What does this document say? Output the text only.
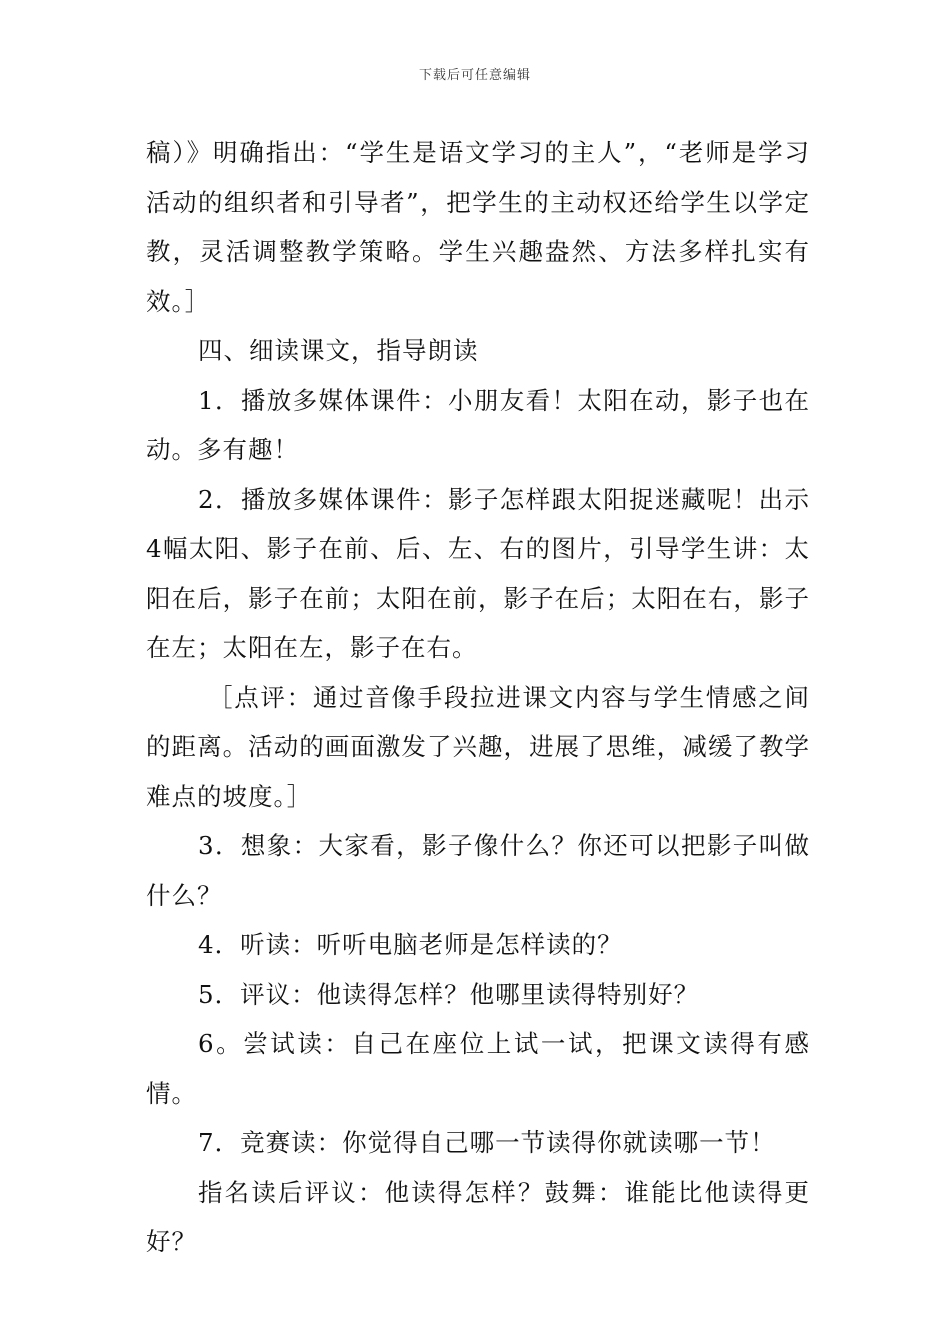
下载后可任意编辑

稿）》明确指出：“学生是语文学习的主人”，“老师是学习活动的组织者和引导者”，把学生的主动权还给学生以学定教，灵活调整教学策略。学生兴趣盎然、方法多样扎实有效。］

四、细读课文，指导朗读

1．播放多媒体课件：小朋友看！太阳在动，影子也在动。多有趣！

2．播放多媒体课件：影子怎样跟太阳捉迷藏呢！出示4幅太阳、影子在前、后、左、右的图片，引导学生讲：太阳在后，影子在前；太阳在前，影子在后；太阳在右，影子在左；太阳在左，影子在右。

［点评：通过音像手段拉进课文内容与学生情感之间的距离。活动的画面激发了兴趣，进展了思维，减缓了教学难点的坡度。］

3．想象：大家看，影子像什么？你还可以把影子叫做什么？

4．听读：听听电脑老师是怎样读的？

5．评议：他读得怎样？他哪里读得特别好？

6。尝试读：自己在座位上试一试，把课文读得有感情。

7．竞赛读：你觉得自己哪一节读得你就读哪一节！

指名读后评议：他读得怎样？鼓舞：谁能比他读得更好？
